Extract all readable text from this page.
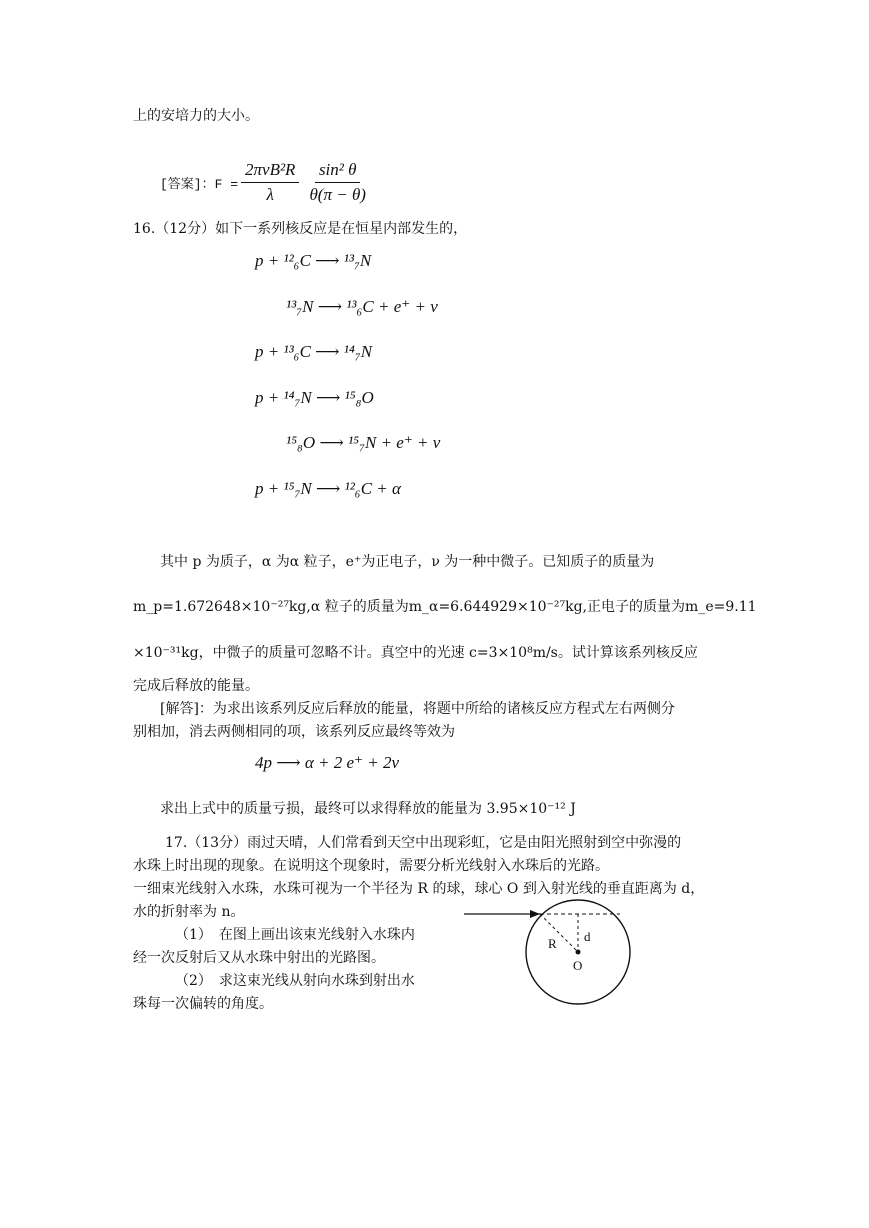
上的安培力的大小。
[答案]：$F = \frac{\text{2πνB²R}}{\lambda} \frac{\text{sin² θ}}{\theta(\pi - \theta)}$
16.（12分）如下一系列核反应是在恒星内部发生的，
p + ¹²₆C ⟶ ¹³₇N
¹³₇N ⟶ ¹³₆C + e⁺ + ν
p + ¹³₆C ⟶ ¹⁴₇N
p + ¹⁴₇N ⟶ ¹⁵₈O
¹⁵₈O ⟶ ¹⁵₇N + e⁺ + ν
p + ¹⁵₇N ⟶ ¹²₆C + α
其中 p 为质子，α 为α 粒子，e⁺为正电子，ν 为一种中微子。已知质子的质量为
m_p=1.672648×10⁻²⁷kg,α 粒子的质量为m_α=6.644929×10⁻²⁷kg,正电子的质量为m_e=9.11
×10⁻³¹kg，中微子的质量可忽略不计。真空中的光速 c=3×10⁸m/s。试计算该系列核反应
完成后释放的能量。
[解答]：为求出该系列反应后释放的能量，将题中所给的诸核反应方程式左右两侧分
别相加，消去两侧相同的项，该系列反应最终等效为
4p ⟶ α + 2 e⁺ + 2ν
求出上式中的质量亏损，最终可以求得释放的能量为 3.95×10⁻¹² J
17.（13分）雨过天晴，人们常看到天空中出现彩虹，它是由阳光照射到空中弥漫的
水珠上时出现的现象。在说明这个现象时，需要分析光线射入水珠后的光路。
一细束光线射入水珠，水珠可视为一个半径为 R 的球，球心 O 到入射光线的垂直距离为 d，
水的折射率为 n。
（1）　在图上画出该束光线射入水珠内
经一次反射后又从水珠中射出的光路图。
（2）　求这束光线从射向水珠到射出水
珠每一次偏转的角度。
R d
O
